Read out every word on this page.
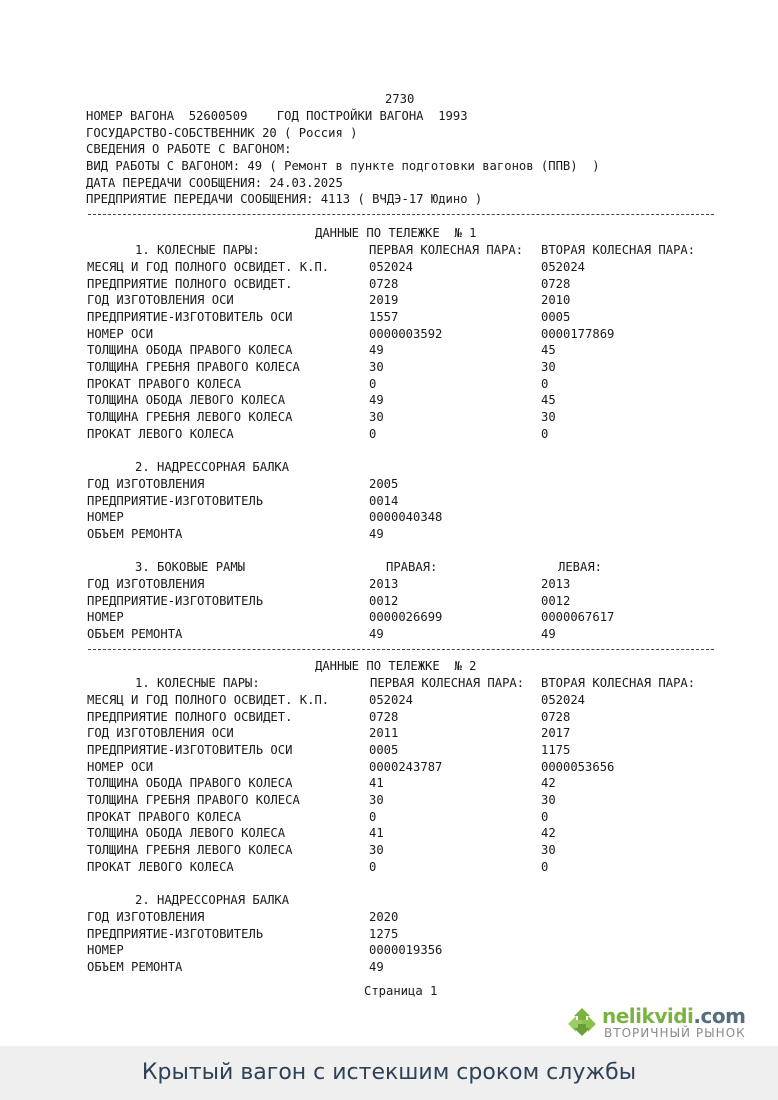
2730
НОМЕР ВАГОНА  52600509    ГОД ПОСТРОЙКИ ВАГОНА  1993
ГОСУДАРСТВО-СОБСТВЕННИК 20 ( Россия )
СВЕДЕНИЯ О РАБОТЕ С ВАГОНОМ:
ВИД РАБОТЫ С ВАГОНОМ: 49 ( Ремонт в пункте подготовки вагонов (ППВ)  )
ДАТА ПЕРЕДАЧИ СООБЩЕНИЯ: 24.03.2025
ПРЕДПРИЯТИЕ ПЕРЕДАЧИ СООБЩЕНИЯ: 4113 ( ВЧДЭ-17 Юдино )
ДАННЫЕ ПО ТЕЛЕЖКЕ  № 1
1. КОЛЕСНЫЕ ПАРЫ:	ПЕРВАЯ КОЛЕСНАЯ ПАРА: ВТОРАЯ КОЛЕСНАЯ ПАРА:
МЕСЯЦ И ГОД ПОЛНОГО ОСВИДЕТ. К.П.	052024	052024
ПРЕДПРИЯТИЕ ПОЛНОГО ОСВИДЕТ.	0728	0728
ГОД ИЗГОТОВЛЕНИЯ ОСИ	2019	2010
ПРЕДПРИЯТИЕ-ИЗГОТОВИТЕЛЬ ОСИ	1557	0005
НОМЕР ОСИ	0000003592	0000177869
ТОЛЩИНА ОБОДА ПРАВОГО КОЛЕСА	49	45
ТОЛЩИНА ГРЕБНЯ ПРАВОГО КОЛЕСА	30	30
ПРОКАТ ПРАВОГО КОЛЕСА	0	0
ТОЛЩИНА ОБОДА ЛЕВОГО КОЛЕСА	49	45
ТОЛЩИНА ГРЕБНЯ ЛЕВОГО КОЛЕСА	30	30
ПРОКАТ ЛЕВОГО КОЛЕСА	0	0
2. НАДРЕССОРНАЯ БАЛКА
ГОД ИЗГОТОВЛЕНИЯ	2005
ПРЕДПРИЯТИЕ-ИЗГОТОВИТЕЛЬ	0014
НОМЕР	0000040348
ОБЪЕМ РЕМОНТА	49
3. БОКОВЫЕ РАМЫ	ПРАВАЯ:	ЛЕВАЯ:
ГОД ИЗГОТОВЛЕНИЯ	2013	2013
ПРЕДПРИЯТИЕ-ИЗГОТОВИТЕЛЬ	0012	0012
НОМЕР	0000026699	0000067617
ОБЪЕМ РЕМОНТА	49	49
ДАННЫЕ ПО ТЕЛЕЖКЕ  № 2
1. КОЛЕСНЫЕ ПАРЫ:	ПЕРВАЯ КОЛЕСНАЯ ПАРА: ВТОРАЯ КОЛЕСНАЯ ПАРА:
МЕСЯЦ И ГОД ПОЛНОГО ОСВИДЕТ. К.П.	052024	052024
ПРЕДПРИЯТИЕ ПОЛНОГО ОСВИДЕТ.	0728	0728
ГОД ИЗГОТОВЛЕНИЯ ОСИ	2011	2017
ПРЕДПРИЯТИЕ-ИЗГОТОВИТЕЛЬ ОСИ	0005	1175
НОМЕР ОСИ	0000243787	0000053656
ТОЛЩИНА ОБОДА ПРАВОГО КОЛЕСА	41	42
ТОЛЩИНА ГРЕБНЯ ПРАВОГО КОЛЕСА	30	30
ПРОКАТ ПРАВОГО КОЛЕСА	0	0
ТОЛЩИНА ОБОДА ЛЕВОГО КОЛЕСА	41	42
ТОЛЩИНА ГРЕБНЯ ЛЕВОГО КОЛЕСА	30	30
ПРОКАТ ЛЕВОГО КОЛЕСА	0	0
2. НАДРЕССОРНАЯ БАЛКА
ГОД ИЗГОТОВЛЕНИЯ	2020
ПРЕДПРИЯТИЕ-ИЗГОТОВИТЕЛЬ	1275
НОМЕР	0000019356
ОБЪЕМ РЕМОНТА	49
Страница 1
nelikvidi.com
ВТОРИЧНЫЙ РЫНОК
Крытый вагон с истекшим сроком службы
